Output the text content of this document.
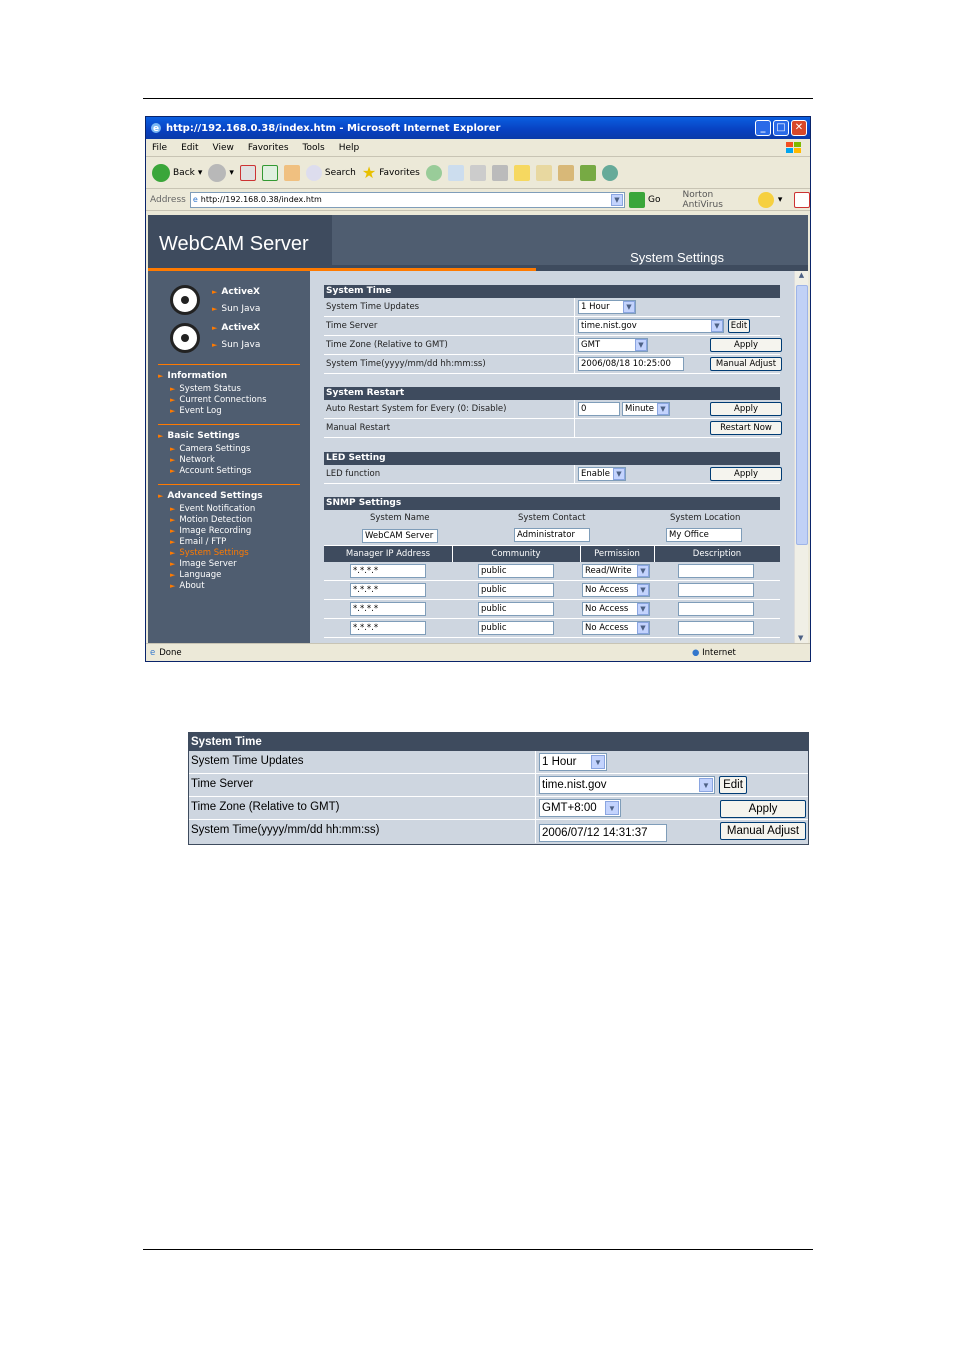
e http://192.168.0.38/index.htm - Microsoft Internet Explorer	_	□ ✕
File Edit View Favorites Tools Help
Back ▾	▾	Search ★ Favorites
Address e http://192.168.0.38/index.htm	▼	Go Norton AntiVirus	▾
WebCAM Server
System Settings
► ActiveX
► Sun Java
► ActiveX
► Sun Java
► Information
► System Status
► Current Connections
► Event Log
► Basic Settings
► Camera Settings
► Network
► Account Settings
► Advanced Settings
► Event Notification
► Motion Detection
► Image Recording
► Email / FTP
► System Settings
► Image Server
► Language
► About
System Time
System Time Updates	1 Hour	▼
Time Server	time.nist.gov	▼	Edit
Time Zone (Relative to GMT)	GMT	▼	Apply
System Time(yyyy/mm/dd hh:mm:ss)	2006/08/18 10:25:00	Manual Adjust
System Restart
Auto Restart System for Every (0: Disable)	0	Minute ▼	Apply
Manual Restart	Restart Now
LED Setting
LED function	Enable ▼	Apply
SNMP Settings
System Name	System Contact	System Location
WebCAM Server	Administrator	My Office
Manager IP Address	Community	Permission	Description
*.*.*.*	public	Read/Write	▼
*.*.*.*	public	No Access	▼
*.*.*.*	public	No Access	▼
*.*.*.*	public	No Access	▼
▲
▼
e Done	● Internet
System Time
System Time Updates	1 Hour	▼
Time Server	time.nist.gov	▼	Edit
Time Zone (Relative to GMT)	GMT+8:00	▼	Apply
System Time(yyyy/mm/dd hh:mm:ss)	2006/07/12 14:31:37	Manual Adjust
